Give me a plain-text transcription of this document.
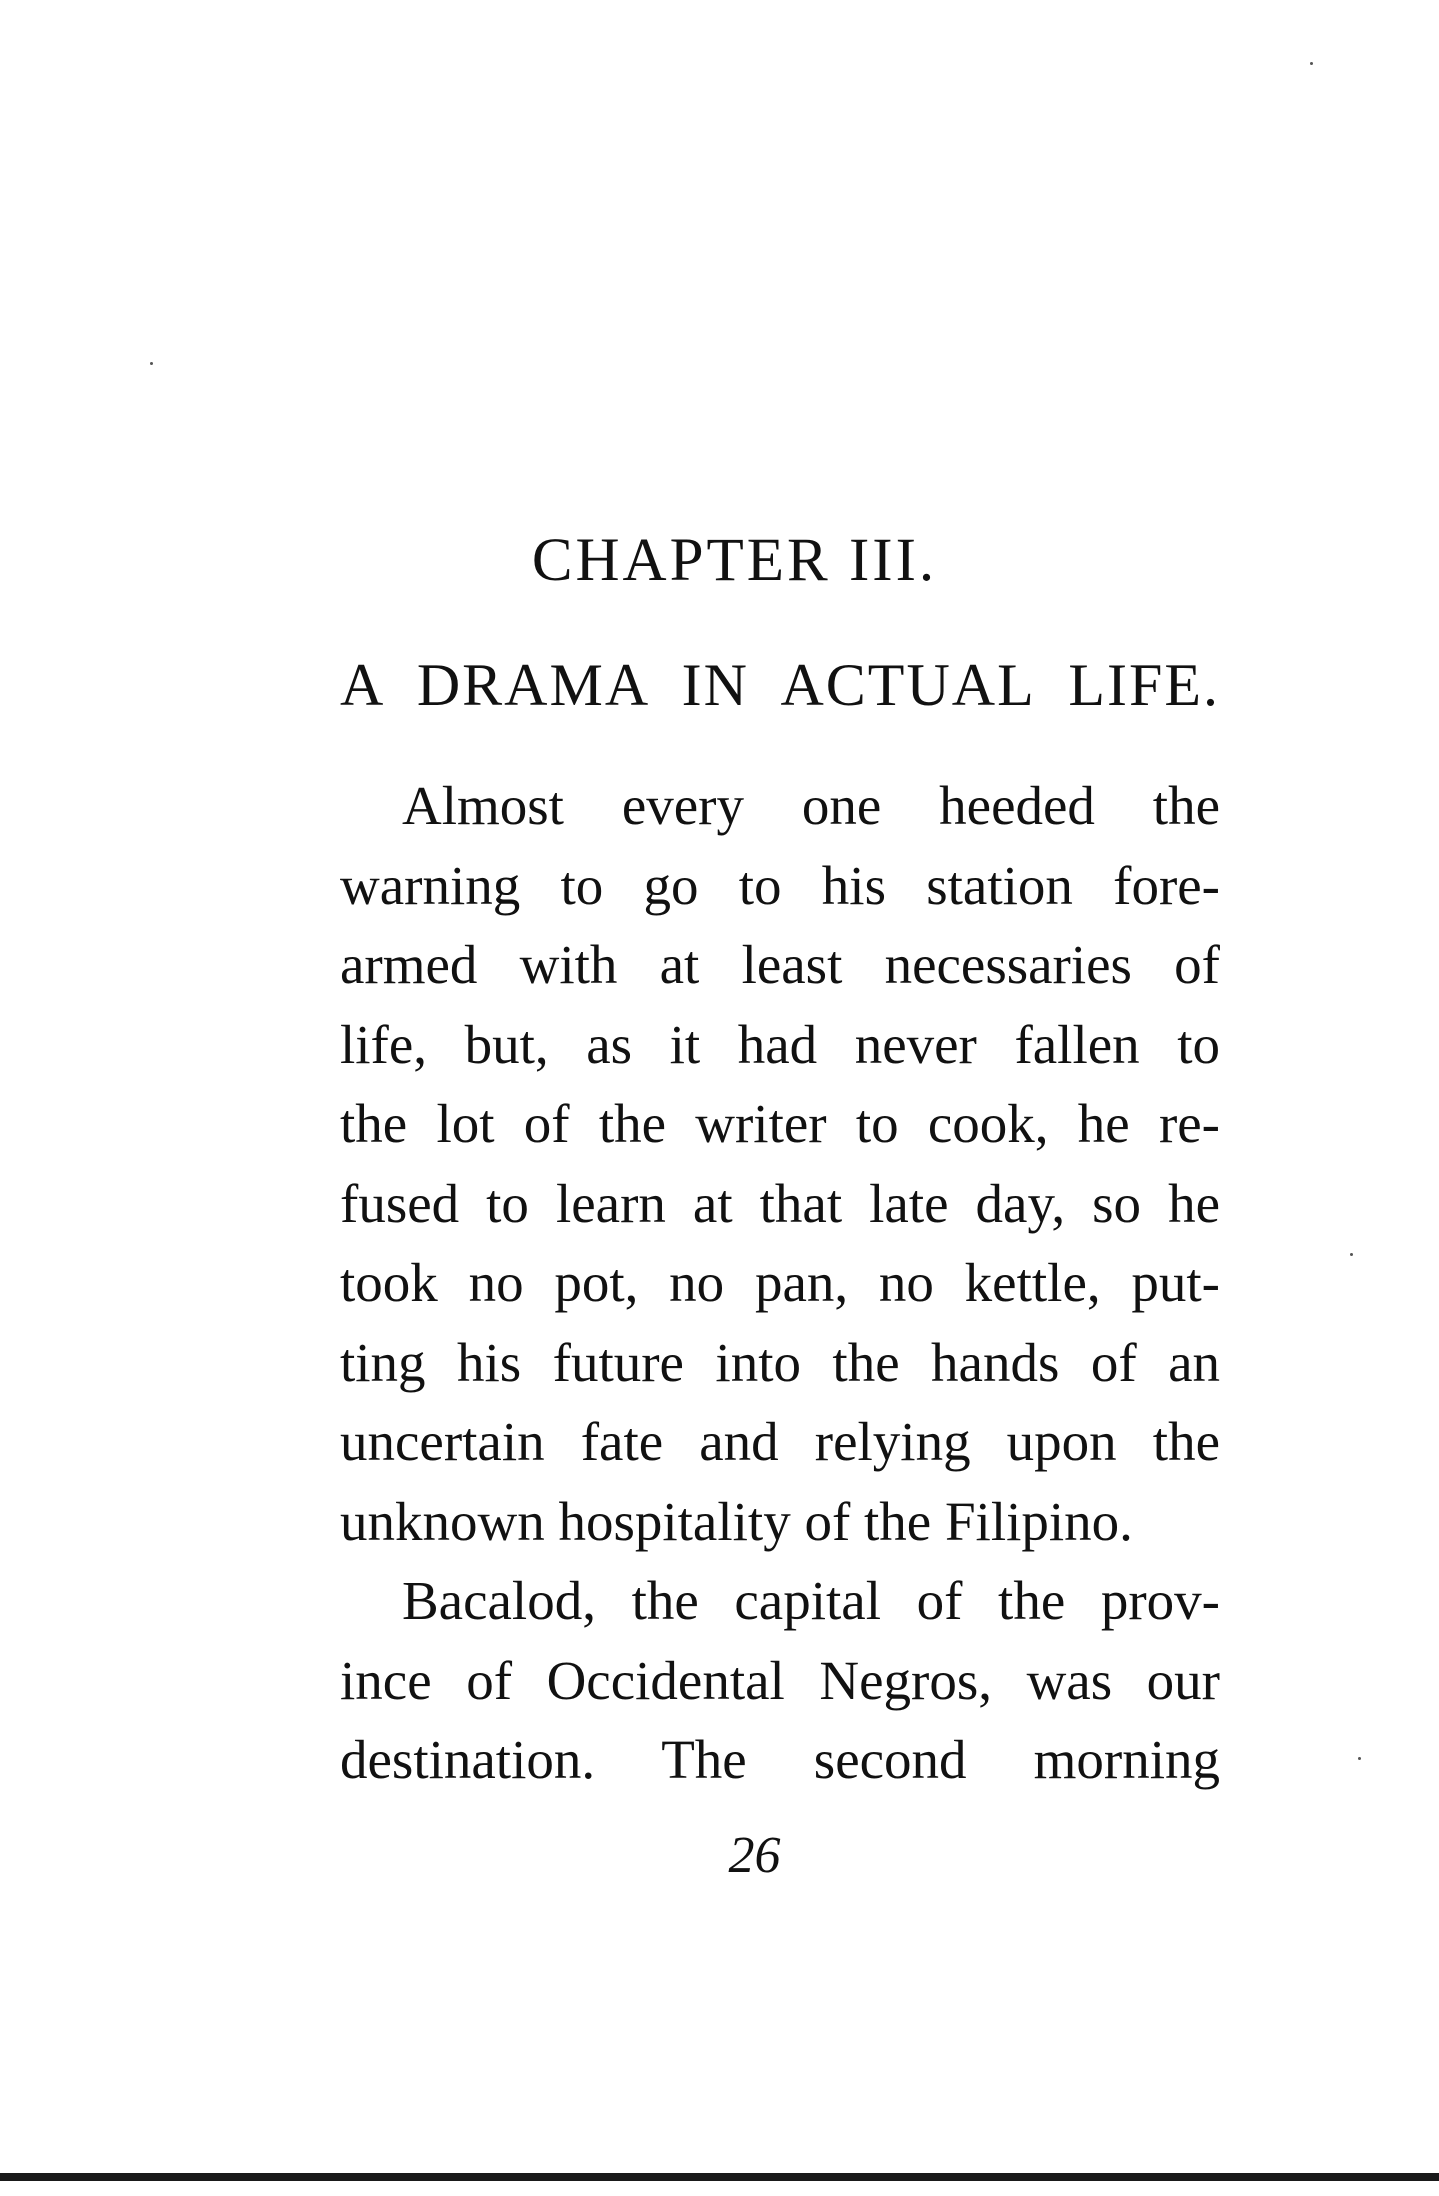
CHAPTER III.
A DRAMA IN ACTUAL LIFE.
Almost every one heeded the
warning to go to his station fore-
armed with at least necessaries of
life, but, as it had never fallen to
the lot of the writer to cook, he re-
fused to learn at that late day, so he
took no pot, no pan, no kettle, put-
ting his future into the hands of an
uncertain fate and relying upon the
unknown hospitality of the Filipino.
Bacalod, the capital of the prov-
ince of Occidental Negros, was our
destination. The second morning
26
